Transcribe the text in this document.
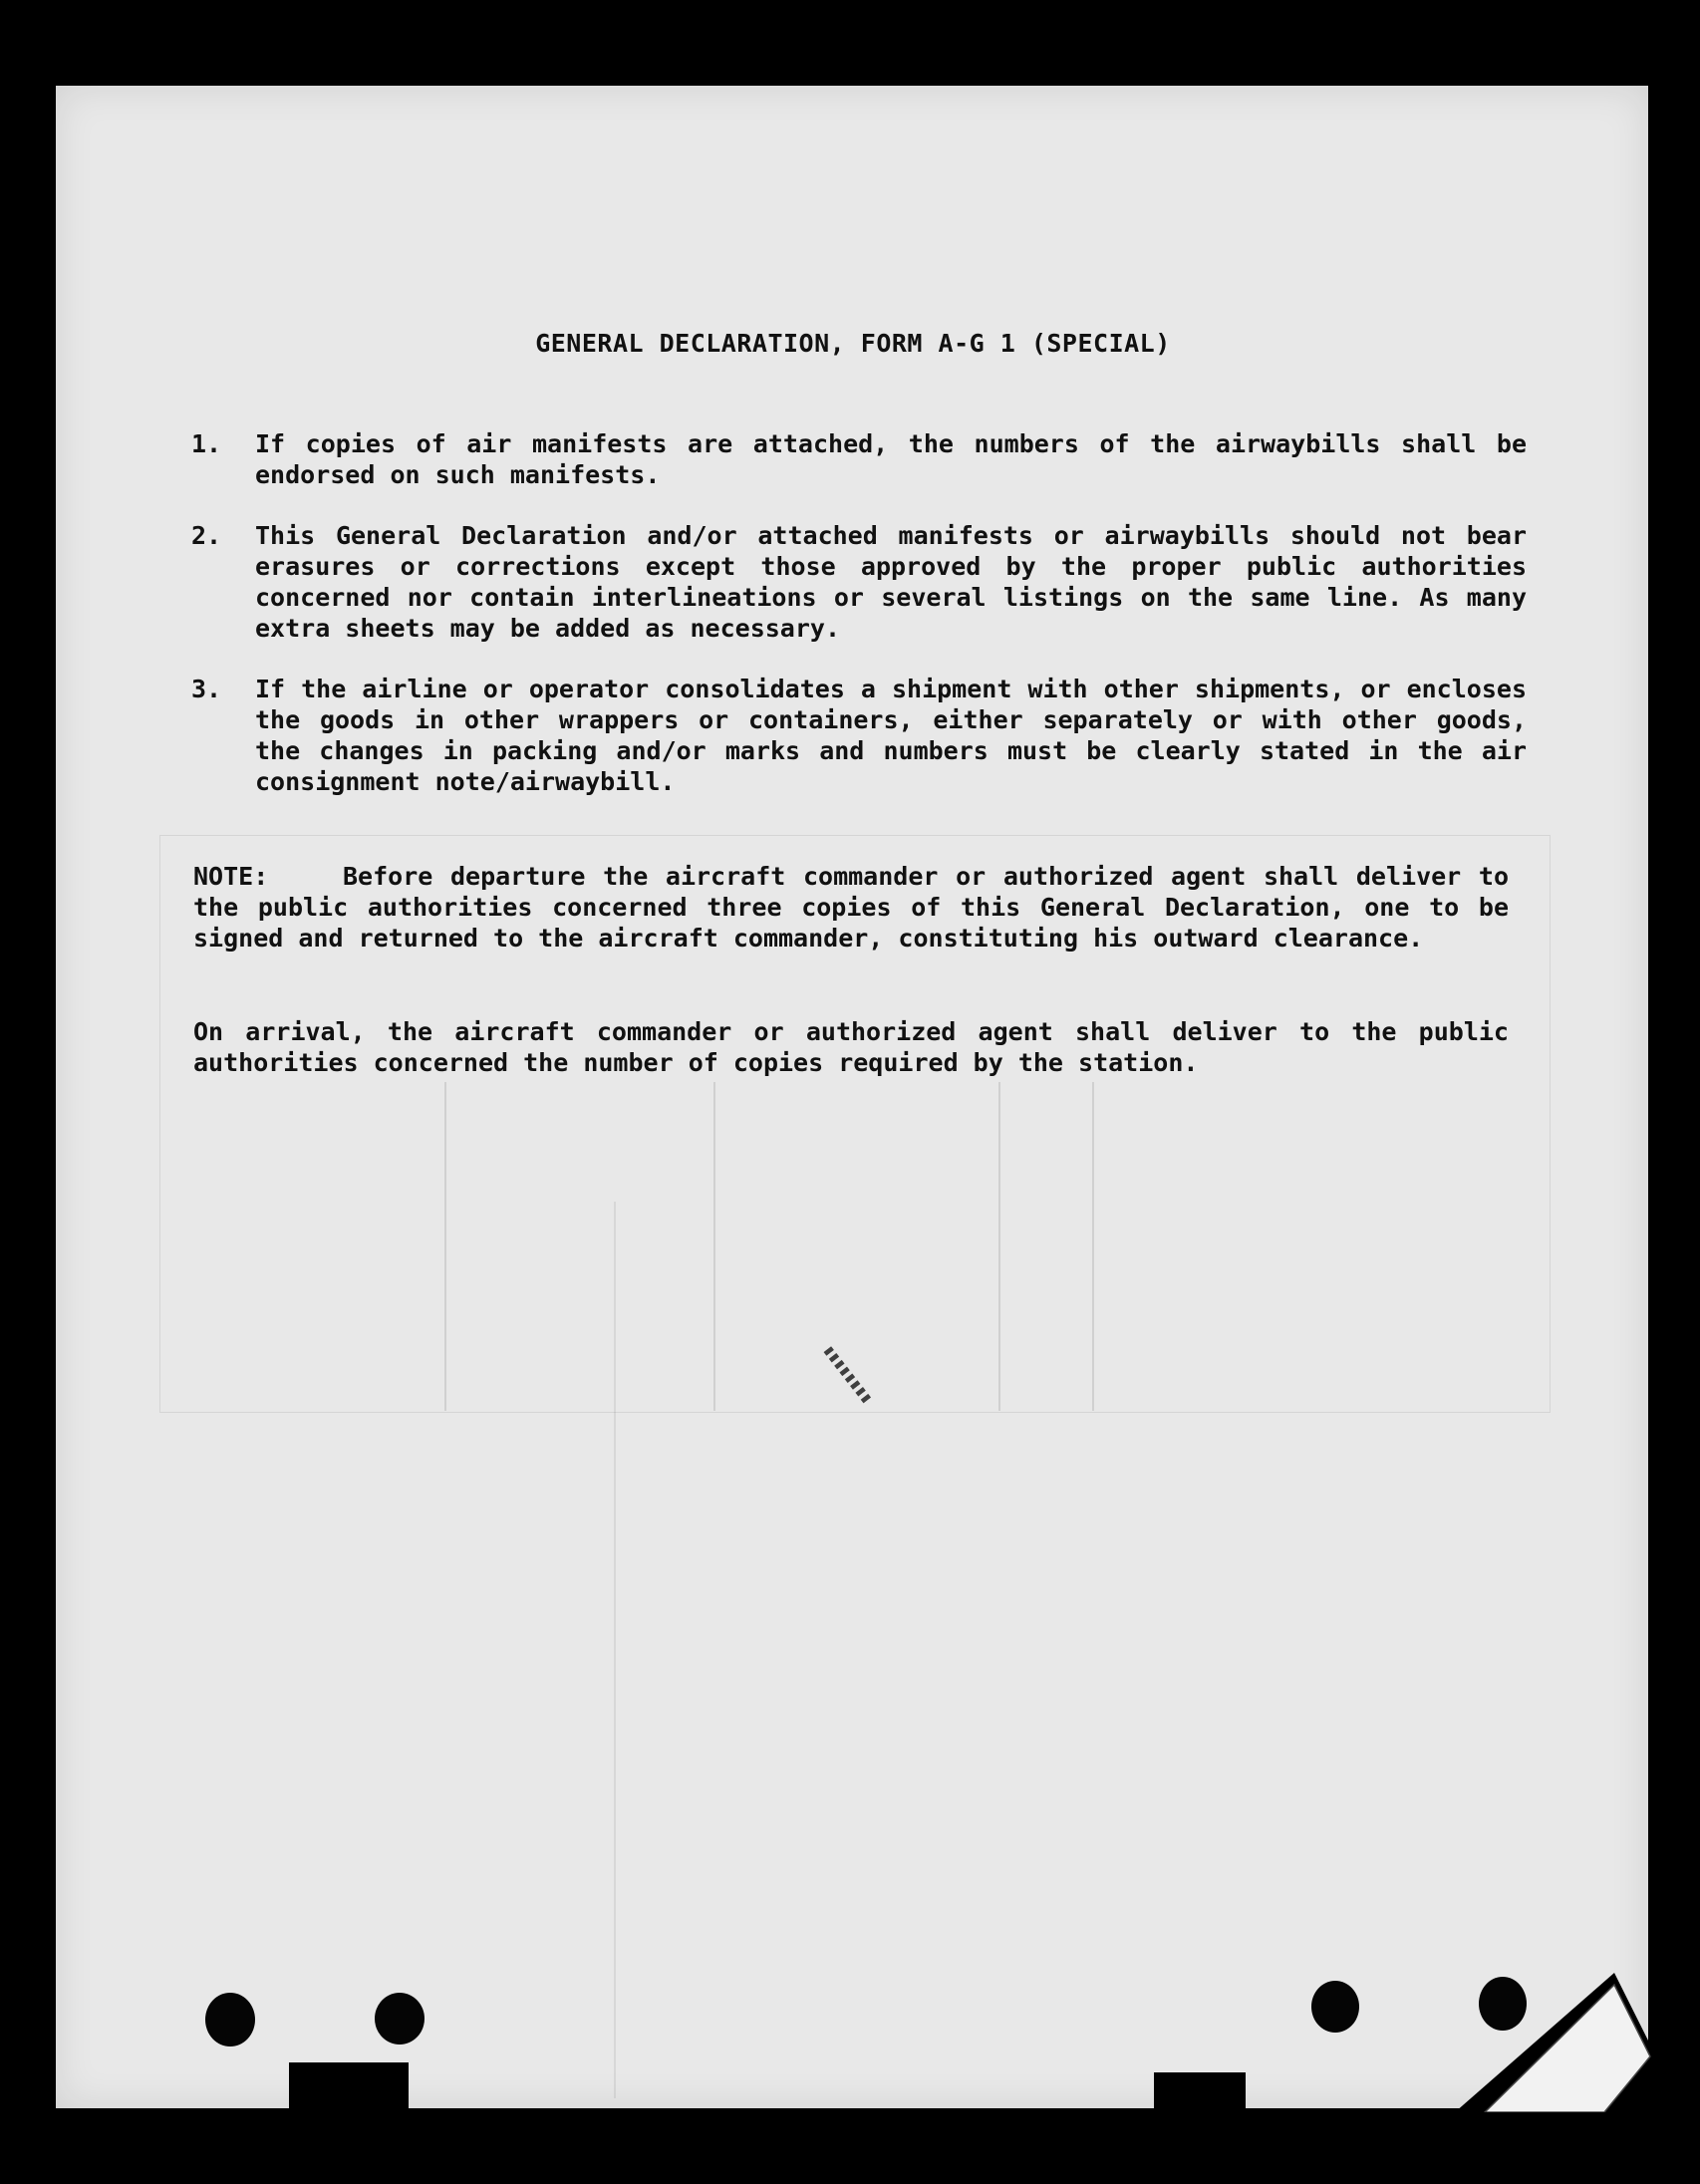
GENERAL DECLARATION, FORM A-G 1 (SPECIAL)
1.	If copies of air manifests are attached, the numbers of the airwaybills shall be endorsed on such manifests.
2.	This General Declaration and/or attached manifests or airwaybills should not bear erasures or corrections except those approved by the proper public authorities concerned nor contain interlineations or several listings on the same line. As many extra sheets may be added as necessary.
3.	If the airline or operator consolidates a shipment with other shipments, or encloses the goods in other wrappers or containers, either separately or with other goods, the changes in packing and/or marks and numbers must be clearly stated in the air consignment note/airwaybill.
NOTE:	Before departure the aircraft commander or authorized agent shall deliver to the public authorities concerned three copies of this General Declaration, one to be signed and returned to the aircraft commander, constituting his outward clearance.
On arrival, the aircraft commander or authorized agent shall deliver to the public authorities concerned the number of copies required by the station.
▮▮▮▮▮▮▮▮
